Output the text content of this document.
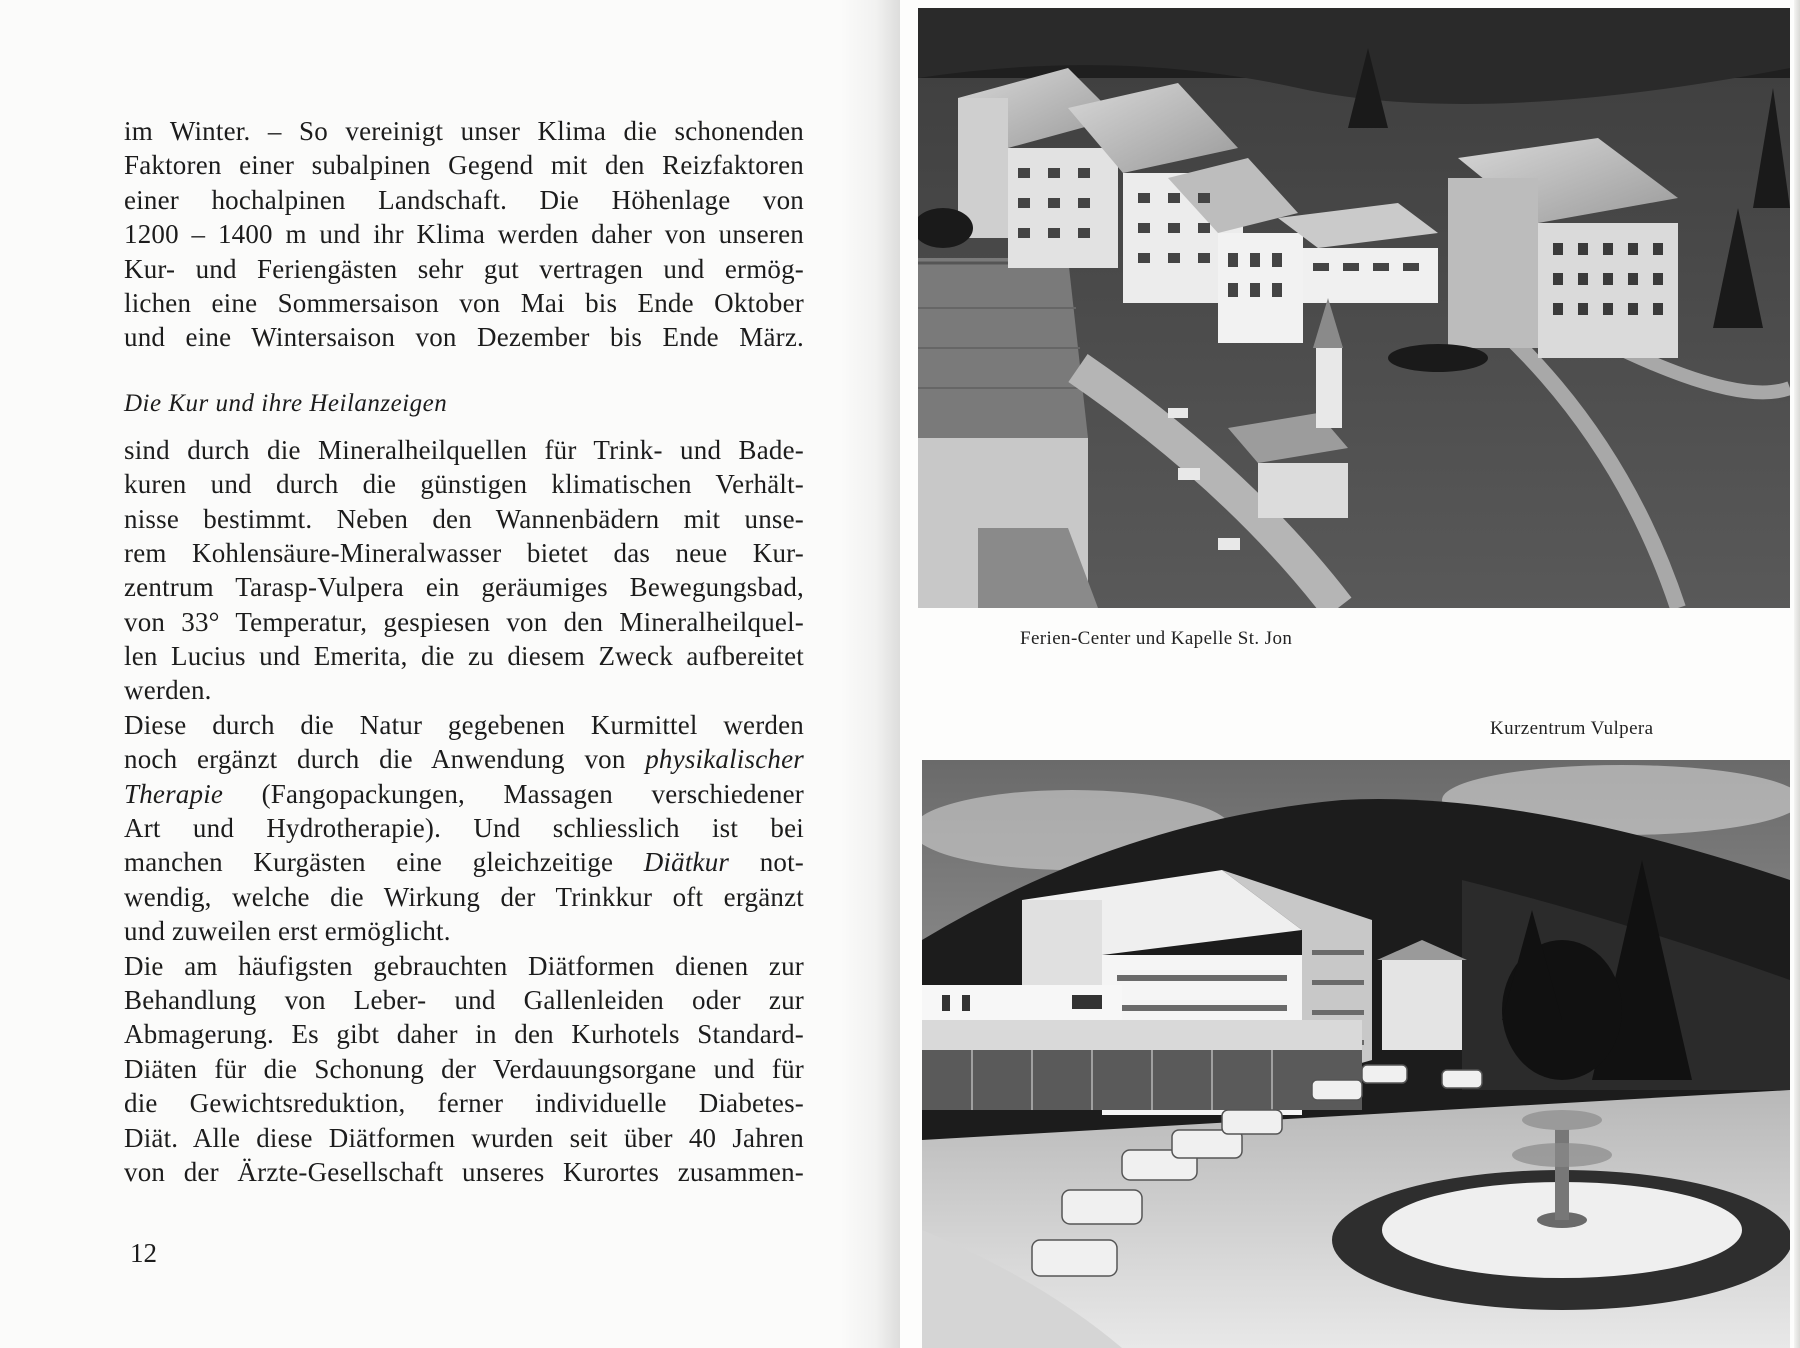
im Winter. – So vereinigt unser Klima die schonenden
Faktoren einer subalpinen Gegend mit den Reizfaktoren
einer hochalpinen Landschaft. Die Höhenlage von
1200 – 1400 m und ihr Klima werden daher von unseren
Kur- und Feriengästen sehr gut vertragen und ermög-
lichen eine Sommersaison von Mai bis Ende Oktober
und eine Wintersaison von Dezember bis Ende März.
Die Kur und ihre Heilanzeigen
sind durch die Mineralheilquellen für Trink- und Bade-
kuren und durch die günstigen klimatischen Verhält-
nisse bestimmt. Neben den Wannenbädern mit unse-
rem Kohlensäure-Mineralwasser bietet das neue Kur-
zentrum Tarasp-Vulpera ein geräumiges Bewegungsbad,
von 33° Temperatur, gespiesen von den Mineralheilquel-
len Lucius und Emerita, die zu diesem Zweck aufbereitet
werden.
Diese durch die Natur gegebenen Kurmittel werden
noch ergänzt durch die Anwendung von physikalischer
Therapie (Fangopackungen, Massagen verschiedener
Art und Hydrotherapie). Und schliesslich ist bei
manchen Kurgästen eine gleichzeitige Diätkur not-
wendig, welche die Wirkung der Trinkkur oft ergänzt
und zuweilen erst ermöglicht.
Die am häufigsten gebrauchten Diätformen dienen zur
Behandlung von Leber- und Gallenleiden oder zur
Abmagerung. Es gibt daher in den Kurhotels Standard-
Diäten für die Schonung der Verdauungsorgane und für
die Gewichtsreduktion, ferner individuelle Diabetes-
Diät. Alle diese Diätformen wurden seit über 40 Jahren
von der Ärzte-Gesellschaft unseres Kurortes zusammen-
12
Ferien-Center und Kapelle St. Jon
Kurzentrum Vulpera
